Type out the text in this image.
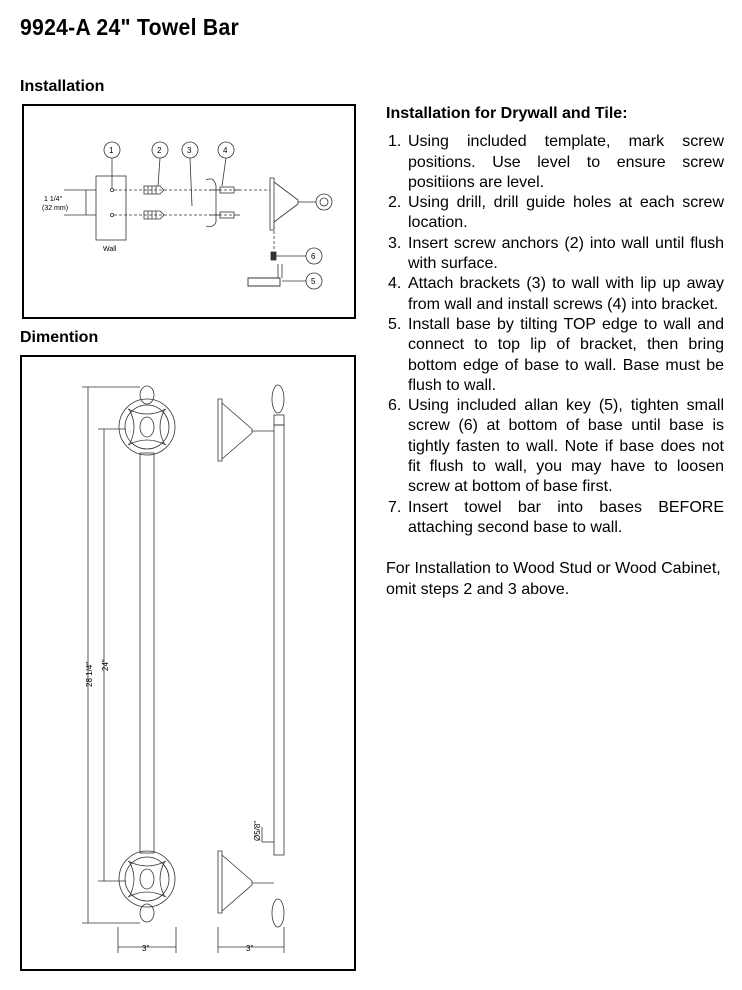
9924-A 24" Towel Bar
Installation
1	2	3	4
6
5
1 1/4"
(32 mm)
Wall
Dimention
28 1/4" 24"
Ø5/8"
3"	3"
Installation for Drywall and Tile:
1. Using included template, mark screw positions. Use level to ensure screw positiions are level.
2. Using drill, drill guide holes at each screw location.
3. Insert screw anchors (2) into wall until flush with surface.
4. Attach brackets (3) to wall with lip up away from wall and install screws (4) into bracket.
5. Install base by tilting TOP edge to wall and connect to top lip of bracket, then bring bottom edge of base to wall. Base must be flush to wall.
6. Using included allan key (5), tighten small screw (6) at bottom of base until base is tightly fasten to wall. Note if base does not fit flush to wall, you may have to loosen screw at bottom of base first.
7. Insert towel bar into bases BEFORE attaching second base to wall.
For Installation to Wood Stud or Wood Cabinet, omit steps 2 and 3 above.
